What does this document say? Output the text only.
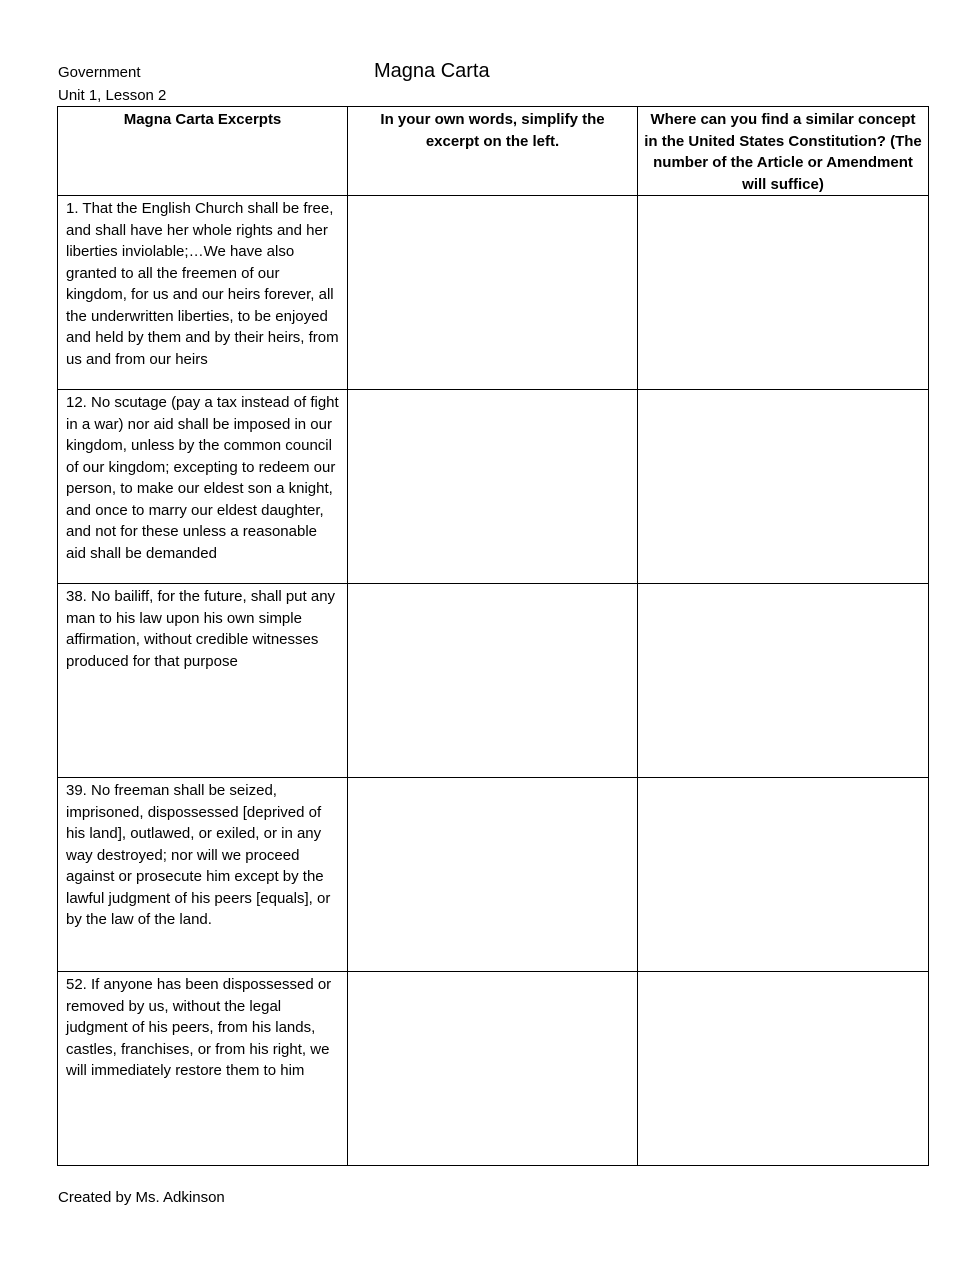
Government
Unit 1, Lesson 2
Magna Carta
Magna Carta Excerpts	In your own words, simplify the excerpt on the left.	Where can you find a similar concept in the United States Constitution? (The number of the Article or Amendment will suffice)
1. That the English Church shall be free, and shall have her whole rights and her liberties inviolable;…We have also granted to all the freemen of our kingdom, for us and our heirs forever, all the underwritten liberties, to be enjoyed and held by them and by their heirs, from us and from our heirs		
12. No scutage (pay a tax instead of fight in a war) nor aid shall be imposed in our kingdom, unless by the common council of our kingdom; excepting to redeem our person, to make our eldest son a knight, and once to marry our eldest daughter, and not for these unless a reasonable aid shall be demanded		
38. No bailiff, for the future, shall put any man to his law upon his own simple affirmation, without credible witnesses produced for that purpose		
39. No freeman shall be seized, imprisoned, dispossessed [deprived of his land], outlawed, or exiled, or in any way destroyed; nor will we proceed against or prosecute him except by the lawful judgment of his peers [equals], or by the law of the land.		
52. If anyone has been dispossessed or removed by us, without the legal judgment of his peers, from his lands, castles, franchises, or from his right, we will immediately restore them to him		
Created by Ms. Adkinson
